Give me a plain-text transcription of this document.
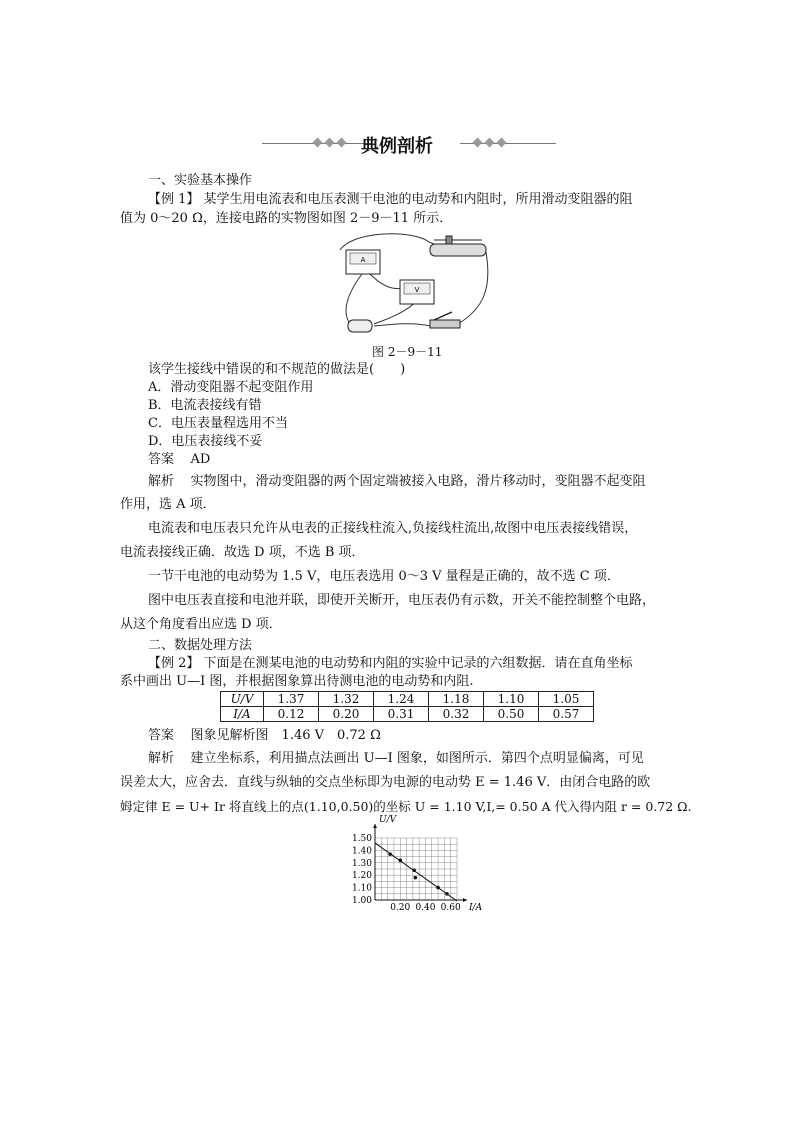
典例剖析
一、实验基本操作
【例 1】 某学生用电流表和电压表测干电池的电动势和内阻时，所用滑动变阻器的阻
值为 0～20 Ω，连接电路的实物图如图 2－9－11 所示．
A
V
图 2－9－11
该学生接线中错误的和不规范的做法是(　　)
A．滑动变阻器不起变阻作用
B．电流表接线有错
C．电压表量程选用不当
D．电压表接线不妥
答案 AD
解析 实物图中，滑动变阻器的两个固定端被接入电路，滑片移动时，变阻器不起变阻
作用，选 A 项．
电流表和电压表只允许从电表的正接线柱流入,负接线柱流出,故图中电压表接线错误，
电流表接线正确．故选 D 项，不选 B 项．
一节干电池的电动势为 1.5 V，电压表选用 0～3 V 量程是正确的，故不选 C 项．
图中电压表直接和电池并联，即使开关断开，电压表仍有示数，开关不能控制整个电路，
从这个角度看出应选 D 项．
二、数据处理方法
【例 2】 下面是在测某电池的电动势和内阻的实验中记录的六组数据．请在直角坐标
系中画出 U—I 图，并根据图象算出待测电池的电动势和内阻.
U/V	1.37	1.32	1.24	1.18	1.10	1.05
I/A	0.12	0.20	0.31	0.32	0.50	0.57
答案 图象见解析图　1.46 V　0.72 Ω
解析 建立坐标系，利用描点法画出 U—I 图象，如图所示．第四个点明显偏离，可见
误差太大，应舍去．直线与纵轴的交点坐标即为电源的电动势 E = 1.46 V．由闭合电路的欧
姆定律 E = U+ Ir 将直线上的点(1.10,0.50)的坐标 U = 1.10 V,I,= 0.50 A 代入得内阻 r = 0.72 Ω.
1.50
1.40
1.30
1.20
1.10
1.00
0.20 0.40 0.60 I/A
U/V
